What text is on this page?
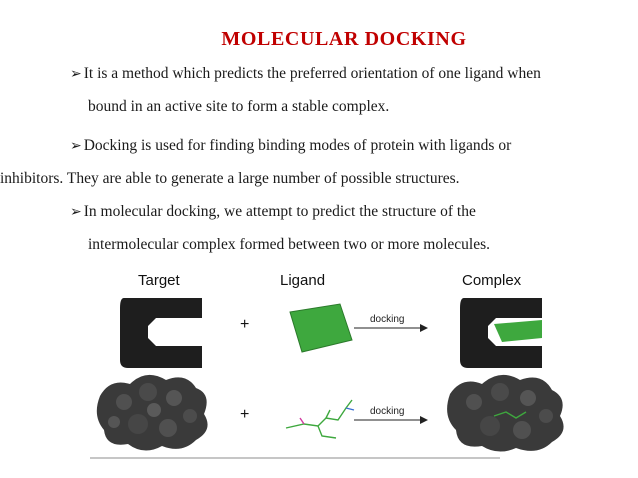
MOLECULAR DOCKING
➢ It is a method which predicts the preferred orientation of one ligand when
bound in an active site to form a stable complex.
➢ Docking is used for finding binding modes of protein with ligands or
inhibitors. They are able to generate a large number of possible structures.
➢ In molecular docking, we attempt to predict the structure of the
intermolecular complex formed between two or more molecules.
Target	Ligand	Complex
docking
docking
+
+
